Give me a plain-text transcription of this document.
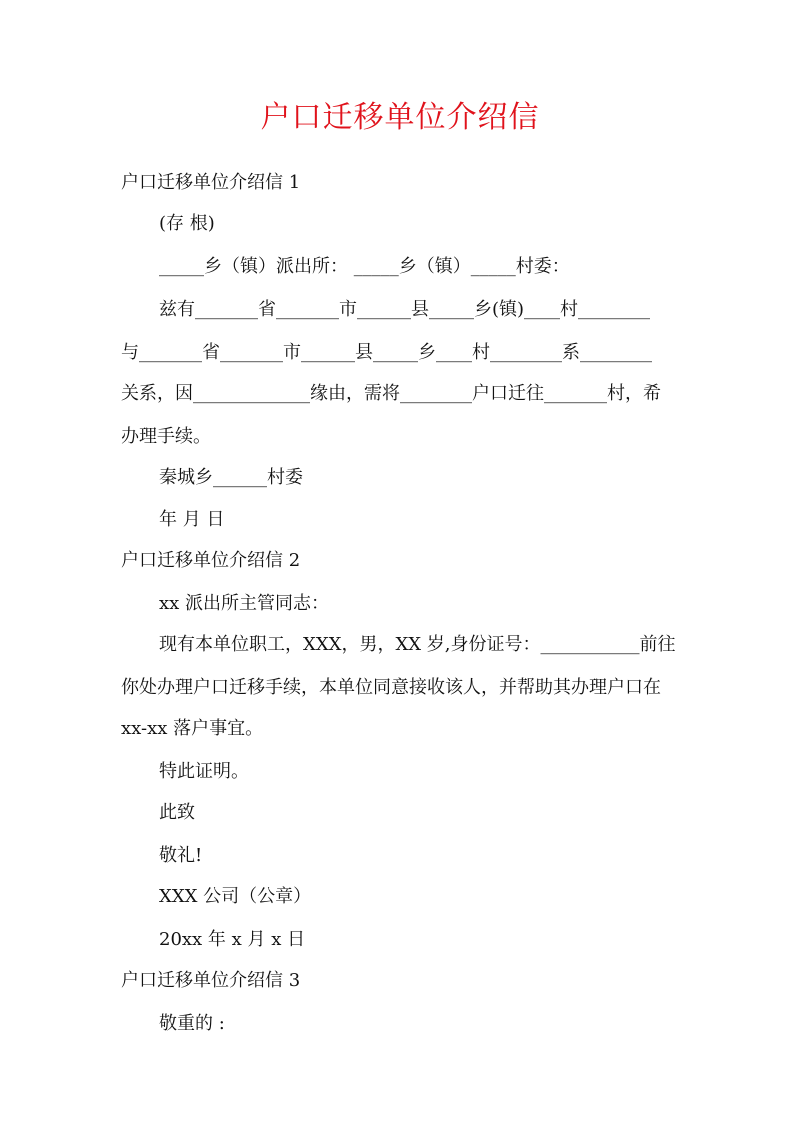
户口迁移单位介绍信
户口迁移单位介绍信 1
(存 根)
_____乡（镇）派出所： _____乡（镇）_____村委：
兹有_______省_______市______县_____乡(镇)____村________
与_______省_______市______县_____乡____村________系________
关系，因_____________缘由，需将________户口迁往_______村，希
办理手续。
秦城乡______村委
年 月 日
户口迁移单位介绍信 2
xx 派出所主管同志：
现有本单位职工，XXX，男，XX 岁,身份证号：___________前往
你处办理户口迁移手续，本单位同意接收该人，并帮助其办理户口在
xx-xx 落户事宜。
特此证明。
此致
敬礼!
XXX 公司（公章）
20xx 年 x 月 x 日
户口迁移单位介绍信 3
敬重的 :
